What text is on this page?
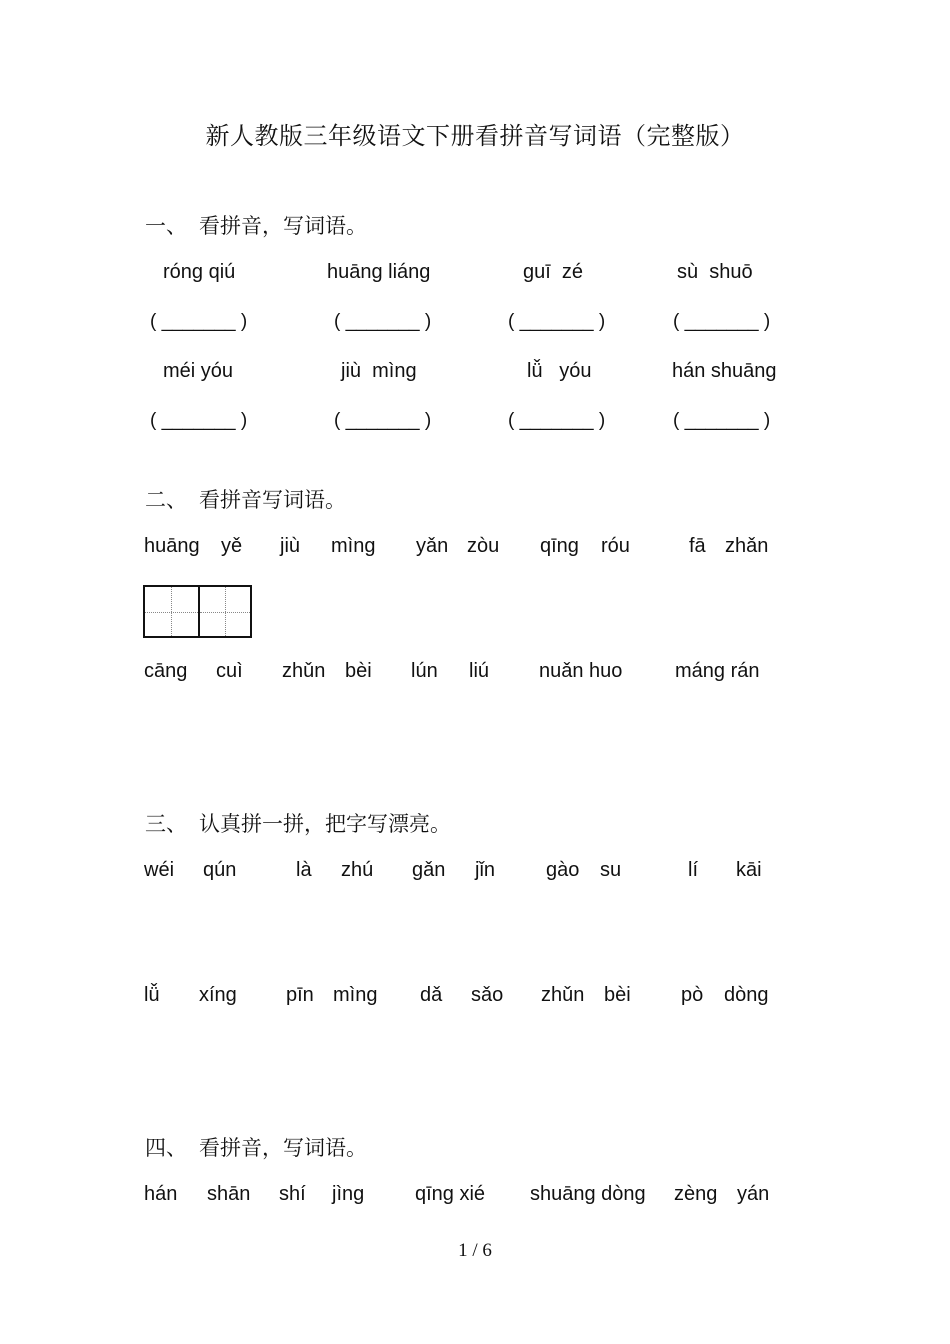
新人教版三年级语文下册看拼音写词语（完整版）
一、 看拼音，写词语。
róng qiú	huāng liáng	guī  zé	sù  shuō
( _______ )	( _______ )	( _______ )	( _______ )
méi yóu	jiù  mìng	lǚ   yóu	hán shuāng
( _______ )	( _______ )	( _______ )	( _______ )
二、 看拼音写词语。
huāng yě jiù mìng yǎn zòu qīng róu	fā zhǎn
cāng cuì zhǔn bèi lún liú nuǎn huo	máng rán
三、 认真拼一拼，把字写漂亮。
wéi qún	là zhú gǎn jǐn	gào su	lí kāi
lǚ xíng pīn mìng dǎ sǎo zhǔn bèi	pò dòng
四、 看拼音，写词语。
hán shān shí jìng	qīng xié shuāng dòng zèng yán
1 / 6
